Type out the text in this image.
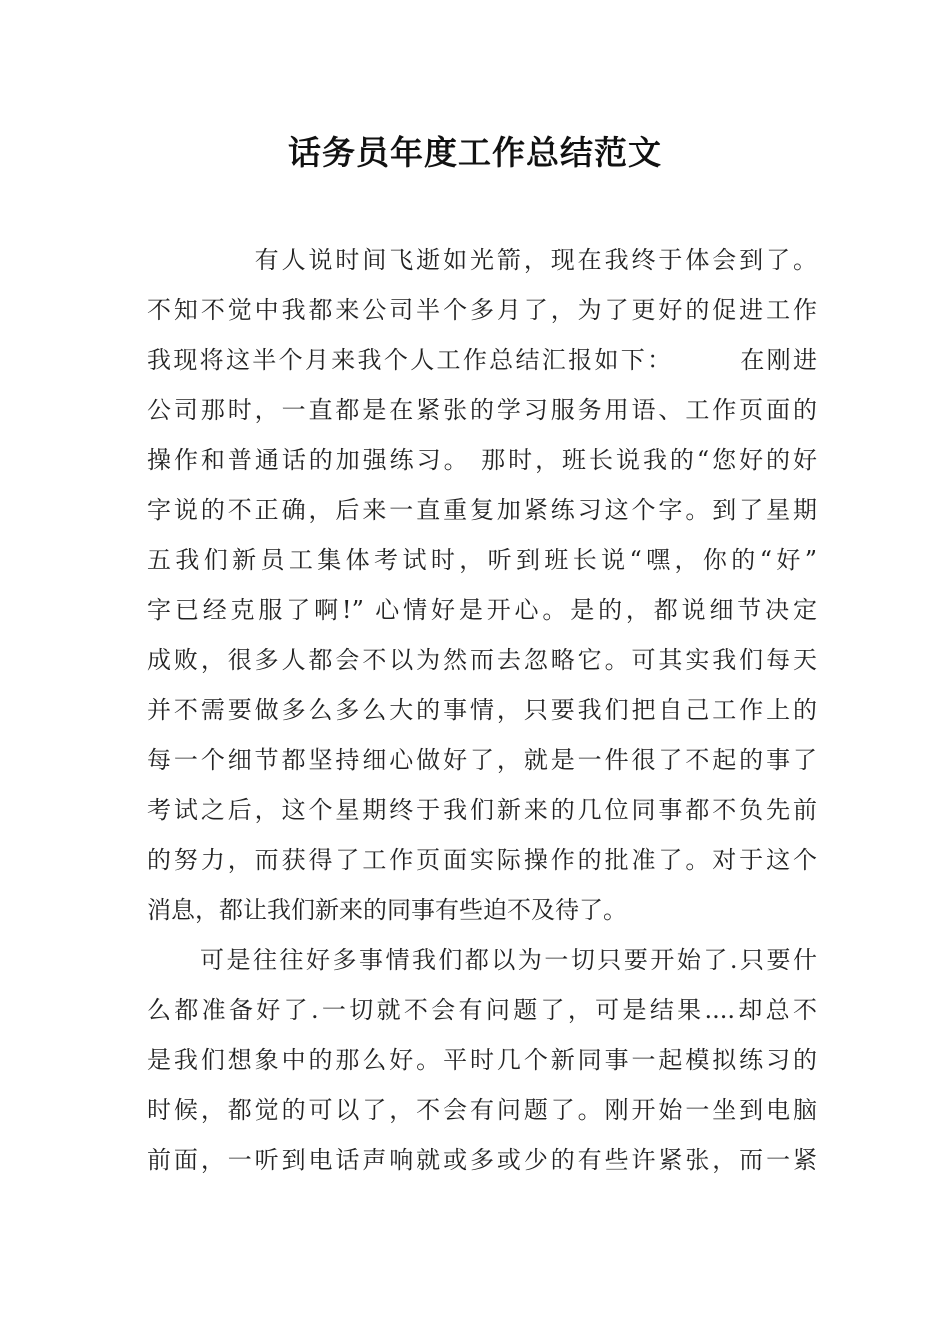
话务员年度工作总结范文
　　　　有人说时间飞逝如光箭，现在我终于体会到了。
不知不觉中我都来公司半个多月了，为了更好的促进工作
我现将这半个月来我个人工作总结汇报如下：　　　在刚进
公司那时，一直都是在紧张的学习服务用语、工作页面的
操作和普通话的加强练习。 那时，班长说我的“您好的好
字说的不正确，后来一直重复加紧练习这个字。到了星期
五我们新员工集体考试时，听到班长说“嘿，你的“好”
字已经克服了啊!” 心情好是开心。是的，都说细节决定
成败，很多人都会不以为然而去忽略它。可其实我们每天
并不需要做多么多么大的事情，只要我们把自己工作上的
每一个细节都坚持细心做好了，就是一件很了不起的事了
考试之后，这个星期终于我们新来的几位同事都不负先前
的努力，而获得了工作页面实际操作的批准了。对于这个
消息，都让我们新来的同事有些迫不及待了。
　　可是往往好多事情我们都以为一切只要开始了.只要什
么都准备好了.一切就不会有问题了，可是结果....却总不
是我们想象中的那么好。平时几个新同事一起模拟练习的
时候，都觉的可以了，不会有问题了。刚开始一坐到电脑
前面，一听到电话声响就或多或少的有些许紧张，而一紧
